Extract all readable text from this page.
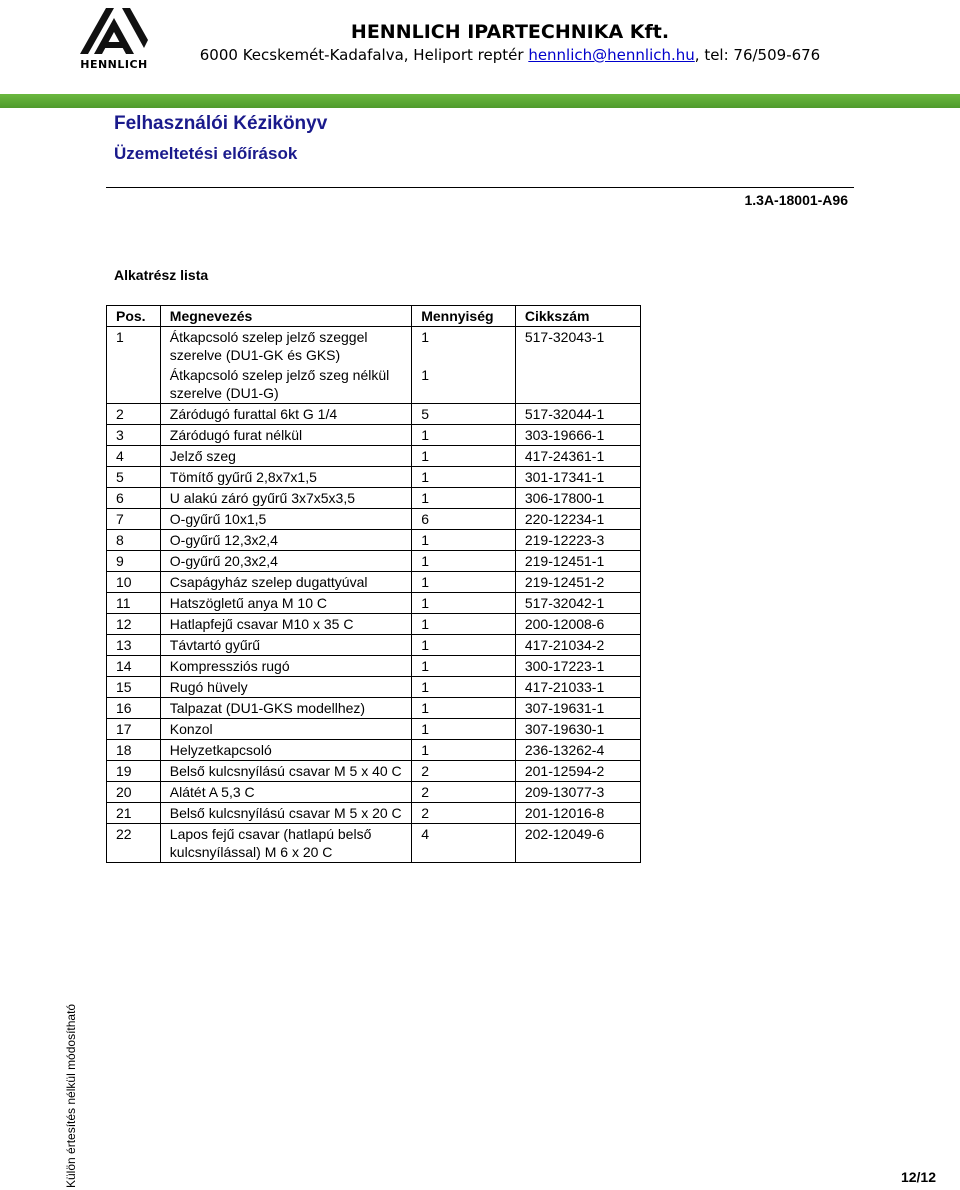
HENNLICH
HENNLICH IPARTECHNIKA Kft.
6000 Kecskemét-Kadafalva, Heliport reptér hennlich@hennlich.hu, tel: 76/509-676
Felhasználói Kézikönyv
Üzemeltetési előírások
1.3A-18001-A96
Alkatrész lista
Pos.	Megnevezés	Mennyiség	Cikkszám
1	Átkapcsoló szelep jelző szeggel szerelve (DU1-GK és GKS)	1	517-32043-1
	Átkapcsoló szelep jelző szeg nélkül szerelve (DU1-G)	1	
2	Záródugó furattal 6kt G 1/4	5	517-32044-1
3	Záródugó furat nélkül	1	303-19666-1
4	Jelző szeg	1	417-24361-1
5	Tömítő gyűrű 2,8x7x1,5	1	301-17341-1
6	U alakú záró gyűrű 3x7x5x3,5	1	306-17800-1
7	O-gyűrű 10x1,5	6	220-12234-1
8	O-gyűrű 12,3x2,4	1	219-12223-3
9	O-gyűrű 20,3x2,4	1	219-12451-1
10	Csapágyház szelep dugattyúval	1	219-12451-2
11	Hatszögletű anya M 10 C	1	517-32042-1
12	Hatlapfejű csavar M10 x 35 C	1	200-12008-6
13	Távtartó gyűrű	1	417-21034-2
14	Kompressziós rugó	1	300-17223-1
15	Rugó hüvely	1	417-21033-1
16	Talpazat (DU1-GKS modellhez)	1	307-19631-1
17	Konzol	1	307-19630-1
18	Helyzetkapcsoló	1	236-13262-4
19	Belső kulcsnyílású csavar M 5 x 40 C	2	201-12594-2
20	Alátét A 5,3 C	2	209-13077-3
21	Belső kulcsnyílású csavar M 5 x 20 C	2	201-12016-8
22	Lapos fejű csavar (hatlapú belső kulcsnyílással) M 6 x 20 C	4	202-12049-6
Külön értesítés nélkül módosítható	12/12
